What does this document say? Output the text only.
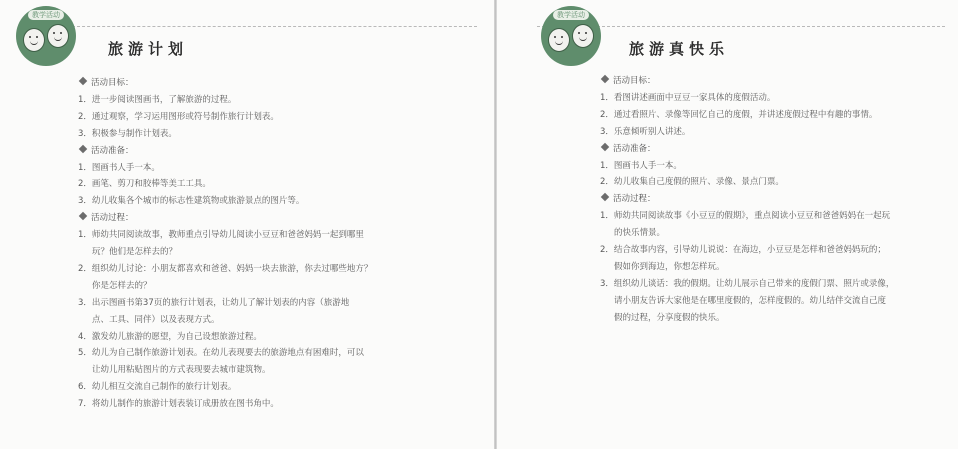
教学活动
旅游计划
活动目标：
1．进一步阅读图画书，了解旅游的过程。
2．通过观察，学习运用图形或符号制作旅行计划表。
3．积极参与制作计划表。
活动准备：
1．图画书人手一本。
2．画笔、剪刀和胶棒等美工工具。
3．幼儿收集各个城市的标志性建筑物或旅游景点的图片等。
活动过程：
1．师幼共同阅读故事，教师重点引导幼儿阅读小豆豆和爸爸妈妈一起到哪里
玩？他们是怎样去的？
2．组织幼儿讨论：小朋友都喜欢和爸爸、妈妈一块去旅游，你去过哪些地方？
你是怎样去的？
3．出示图画书第37页的旅行计划表，让幼儿了解计划表的内容（旅游地
点、工具、同伴）以及表现方式。
4．激发幼儿旅游的愿望，为自己设想旅游过程。
5．幼儿为自己制作旅游计划表。在幼儿表现要去的旅游地点有困难时，可以
让幼儿用粘贴图片的方式表现要去城市建筑物。
6．幼儿相互交流自己制作的旅行计划表。
7．将幼儿制作的旅游计划表装订成册放在图书角中。
教学活动
旅游真快乐
活动目标：
1．看图讲述画面中豆豆一家具体的度假活动。
2．通过看照片、录像等回忆自己的度假，并讲述度假过程中有趣的事情。
3．乐意倾听别人讲述。
活动准备：
1．图画书人手一本。
2．幼儿收集自己度假的照片、录像、景点门票。
活动过程：
1．师幼共同阅读故事《小豆豆的假期》，重点阅读小豆豆和爸爸妈妈在一起玩
的快乐情景。
2．结合故事内容，引导幼儿说说：在海边，小豆豆是怎样和爸爸妈妈玩的；
假如你到海边，你想怎样玩。
3．组织幼儿谈话：我的假期。让幼儿展示自己带来的度假门票、照片或录像，
请小朋友告诉大家他是在哪里度假的，怎样度假的。幼儿结伴交流自己度
假的过程，分享度假的快乐。
